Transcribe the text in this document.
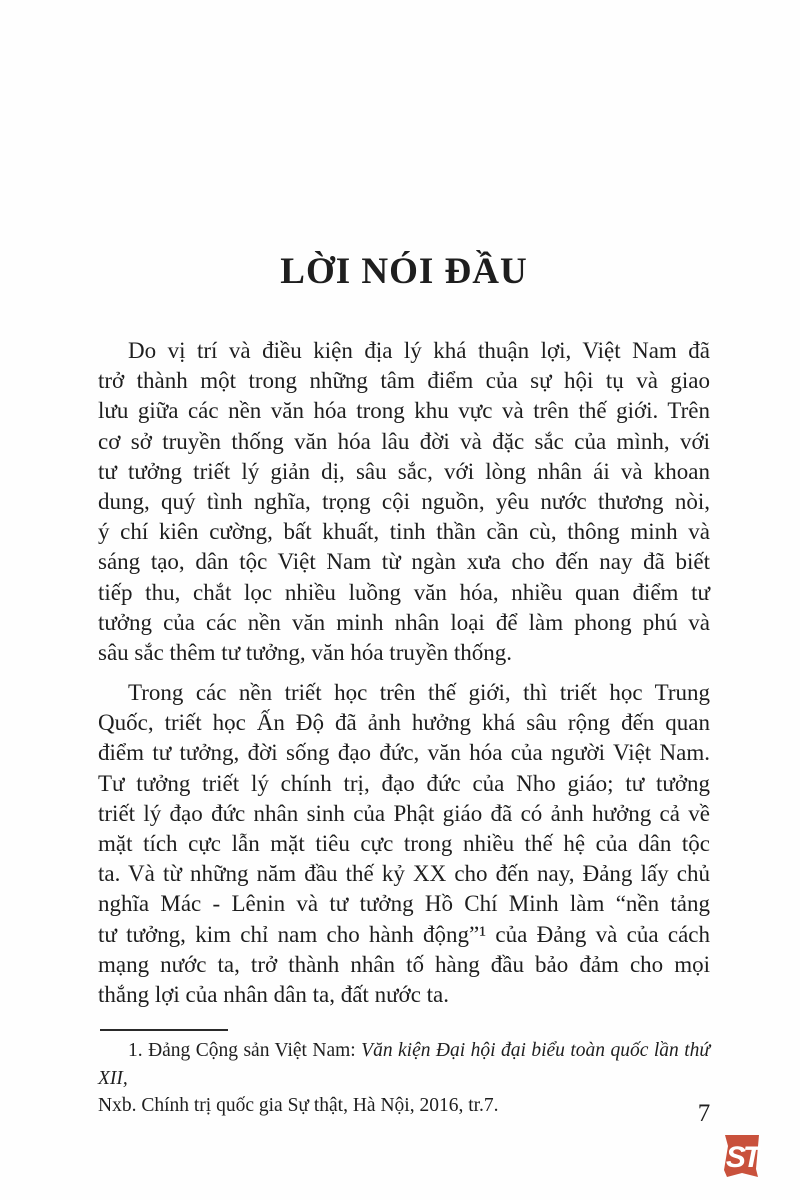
LỜI NÓI ĐẦU
Do vị trí và điều kiện địa lý khá thuận lợi, Việt Nam đã
trở thành một trong những tâm điểm của sự hội tụ và giao
lưu giữa các nền văn hóa trong khu vực và trên thế giới. Trên
cơ sở truyền thống văn hóa lâu đời và đặc sắc của mình, với
tư tưởng triết lý giản dị, sâu sắc, với lòng nhân ái và khoan
dung, quý tình nghĩa, trọng cội nguồn, yêu nước thương nòi,
ý chí kiên cường, bất khuất, tinh thần cần cù, thông minh và
sáng tạo, dân tộc Việt Nam từ ngàn xưa cho đến nay đã biết
tiếp thu, chắt lọc nhiều luồng văn hóa, nhiều quan điểm tư
tưởng của các nền văn minh nhân loại để làm phong phú và
sâu sắc thêm tư tưởng, văn hóa truyền thống.
Trong các nền triết học trên thế giới, thì triết học Trung
Quốc, triết học Ấn Độ đã ảnh hưởng khá sâu rộng đến quan
điểm tư tưởng, đời sống đạo đức, văn hóa của người Việt Nam.
Tư tưởng triết lý chính trị, đạo đức của Nho giáo; tư tưởng
triết lý đạo đức nhân sinh của Phật giáo đã có ảnh hưởng cả về
mặt tích cực lẫn mặt tiêu cực trong nhiều thế hệ của dân tộc
ta. Và từ những năm đầu thế kỷ XX cho đến nay, Đảng lấy chủ
nghĩa Mác - Lênin và tư tưởng Hồ Chí Minh làm “nền tảng
tư tưởng, kim chỉ nam cho hành động”¹ của Đảng và của cách
mạng nước ta, trở thành nhân tố hàng đầu bảo đảm cho mọi
thắng lợi của nhân dân ta, đất nước ta.
1. Đảng Cộng sản Việt Nam: Văn kiện Đại hội đại biểu toàn quốc lần thứ XII,
Nxb. Chính trị quốc gia Sự thật, Hà Nội, 2016, tr.7.	7
ST
